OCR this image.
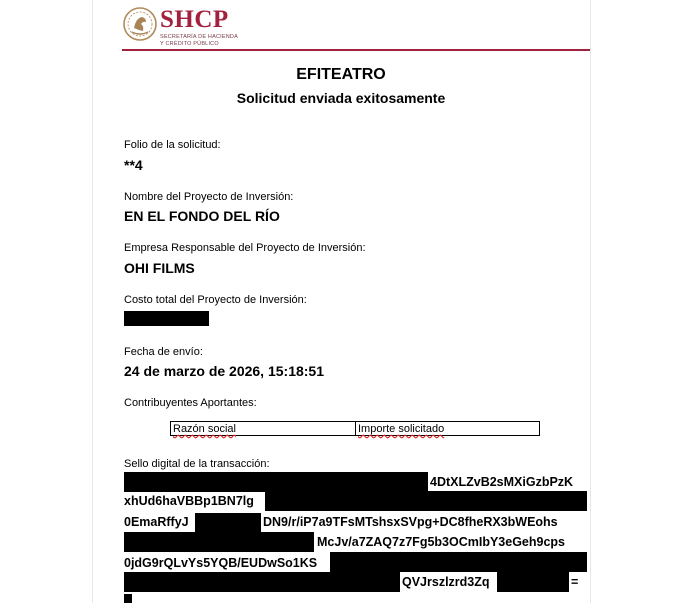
SHCP
SECRETARÍA DE HACIENDA
Y CRÉDITO PÚBLICO
EFITEATRO
Solicitud enviada exitosamente
Folio de la solicitud:
**4
Nombre del Proyecto de Inversión:
EN EL FONDO DEL RÍO
Empresa Responsable del Proyecto de Inversión:
OHI FILMS
Costo total del Proyecto de Inversión:
Fecha de envío:
24 de marzo de 2026, 15:18:51
Contribuyentes Aportantes:
Razón social	Importe solicitado
Sello digital de la transacción:
4DtXLZvB2sMXiGzbPzK
xhUd6haVBBp1BN7lg
0EmaRffyJ	DN9/r/iP7a9TFsMTshsxSVpg+DC8fheRX3bWEohs
McJv/a7ZAQ7z7Fg5b3OCmIbY3eGeh9cps
0jdG9rQLvYs5YQB/EUDwSo1KS
QVJrszlzrd3Zq	=
